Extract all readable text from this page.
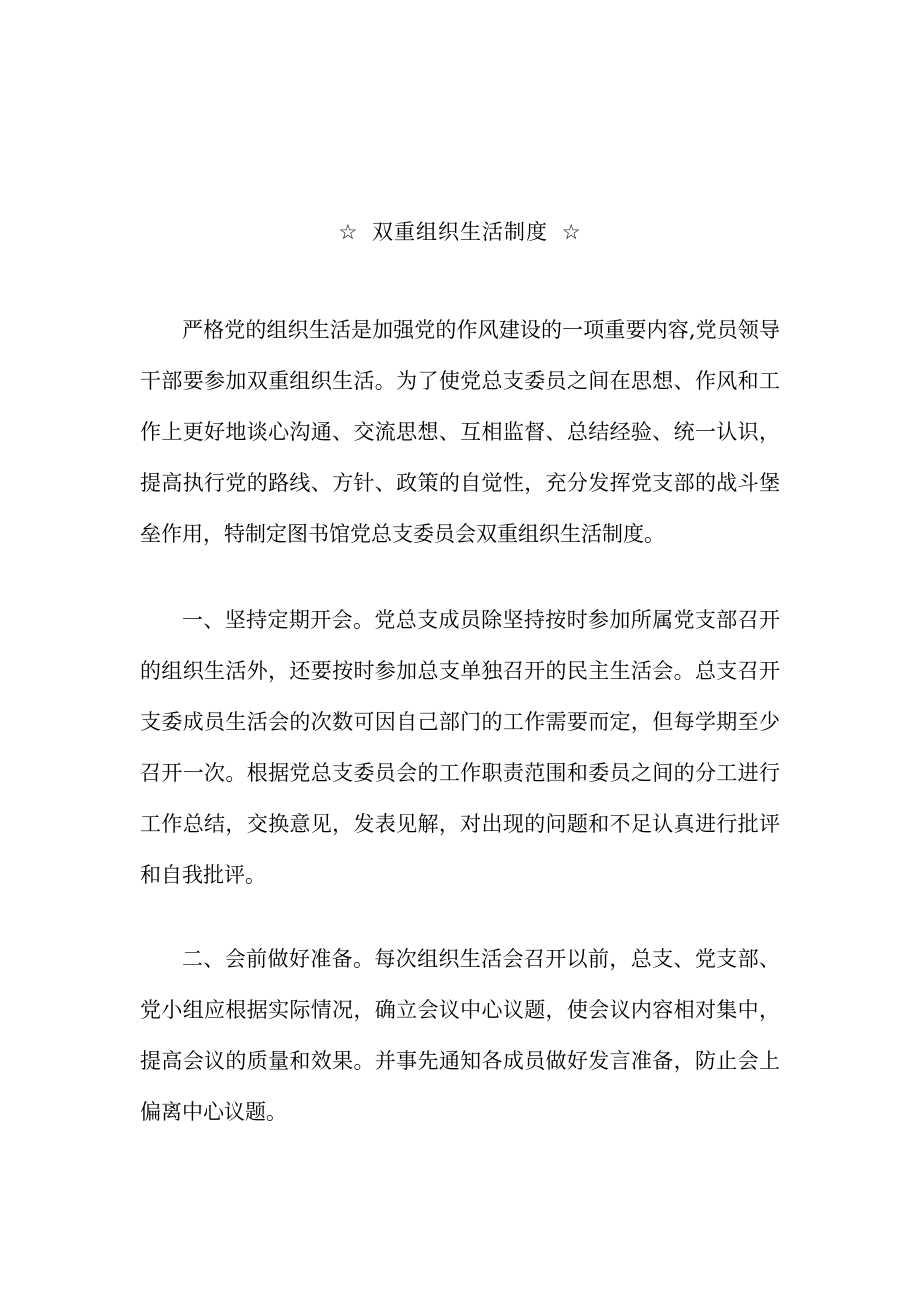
☆ 双重组织生活制度 ☆

严格党的组织生活是加强党的作风建设的一项重要内容,党员领导干部要参加双重组织生活。为了使党总支委员之间在思想、作风和工作上更好地谈心沟通、交流思想、互相监督、总结经验、统一认识，提高执行党的路线、方针、政策的自觉性，充分发挥党支部的战斗堡垒作用，特制定图书馆党总支委员会双重组织生活制度。

一、坚持定期开会。党总支成员除坚持按时参加所属党支部召开的组织生活外，还要按时参加总支单独召开的民主生活会。总支召开支委成员生活会的次数可因自己部门的工作需要而定，但每学期至少召开一次。根据党总支委员会的工作职责范围和委员之间的分工进行工作总结，交换意见，发表见解，对出现的问题和不足认真进行批评和自我批评。

二、会前做好准备。每次组织生活会召开以前，总支、党支部、党小组应根据实际情况，确立会议中心议题，使会议内容相对集中，提高会议的质量和效果。并事先通知各成员做好发言准备，防止会上偏离中心议题。
